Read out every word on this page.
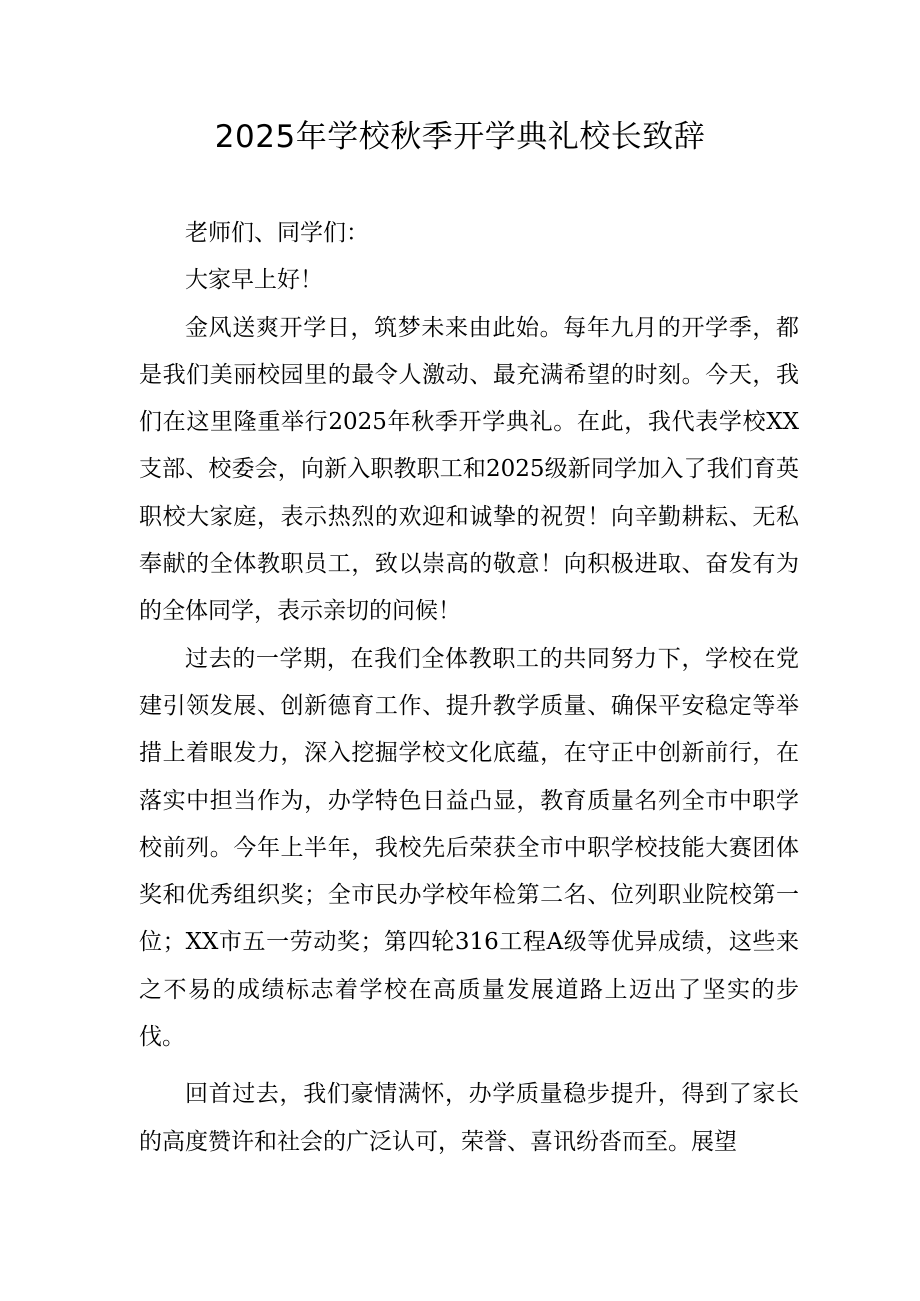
2025年学校秋季开学典礼校长致辞

老师们、同学们：

大家早上好！

金风送爽开学日，筑梦未来由此始。每年九月的开学季，都是我们美丽校园里的最令人激动、最充满希望的时刻。今天，我们在这里隆重举行2025年秋季开学典礼。在此，我代表学校XX支部、校委会，向新入职教职工和2025级新同学加入了我们育英职校大家庭，表示热烈的欢迎和诚挚的祝贺！向辛勤耕耘、无私奉献的全体教职员工，致以崇高的敬意！向积极进取、奋发有为的全体同学，表示亲切的问候！

过去的一学期，在我们全体教职工的共同努力下，学校在党建引领发展、创新德育工作、提升教学质量、确保平安稳定等举措上着眼发力，深入挖掘学校文化底蕴，在守正中创新前行，在落实中担当作为，办学特色日益凸显，教育质量名列全市中职学校前列。今年上半年，我校先后荣获全市中职学校技能大赛团体奖和优秀组织奖；全市民办学校年检第二名、位列职业院校第一位；XX市五一劳动奖；第四轮316工程A级等优异成绩，这些来之不易的成绩标志着学校在高质量发展道路上迈出了坚实的步伐。

回首过去，我们豪情满怀，办学质量稳步提升，得到了家长的高度赞许和社会的广泛认可，荣誉、喜讯纷沓而至。展望
